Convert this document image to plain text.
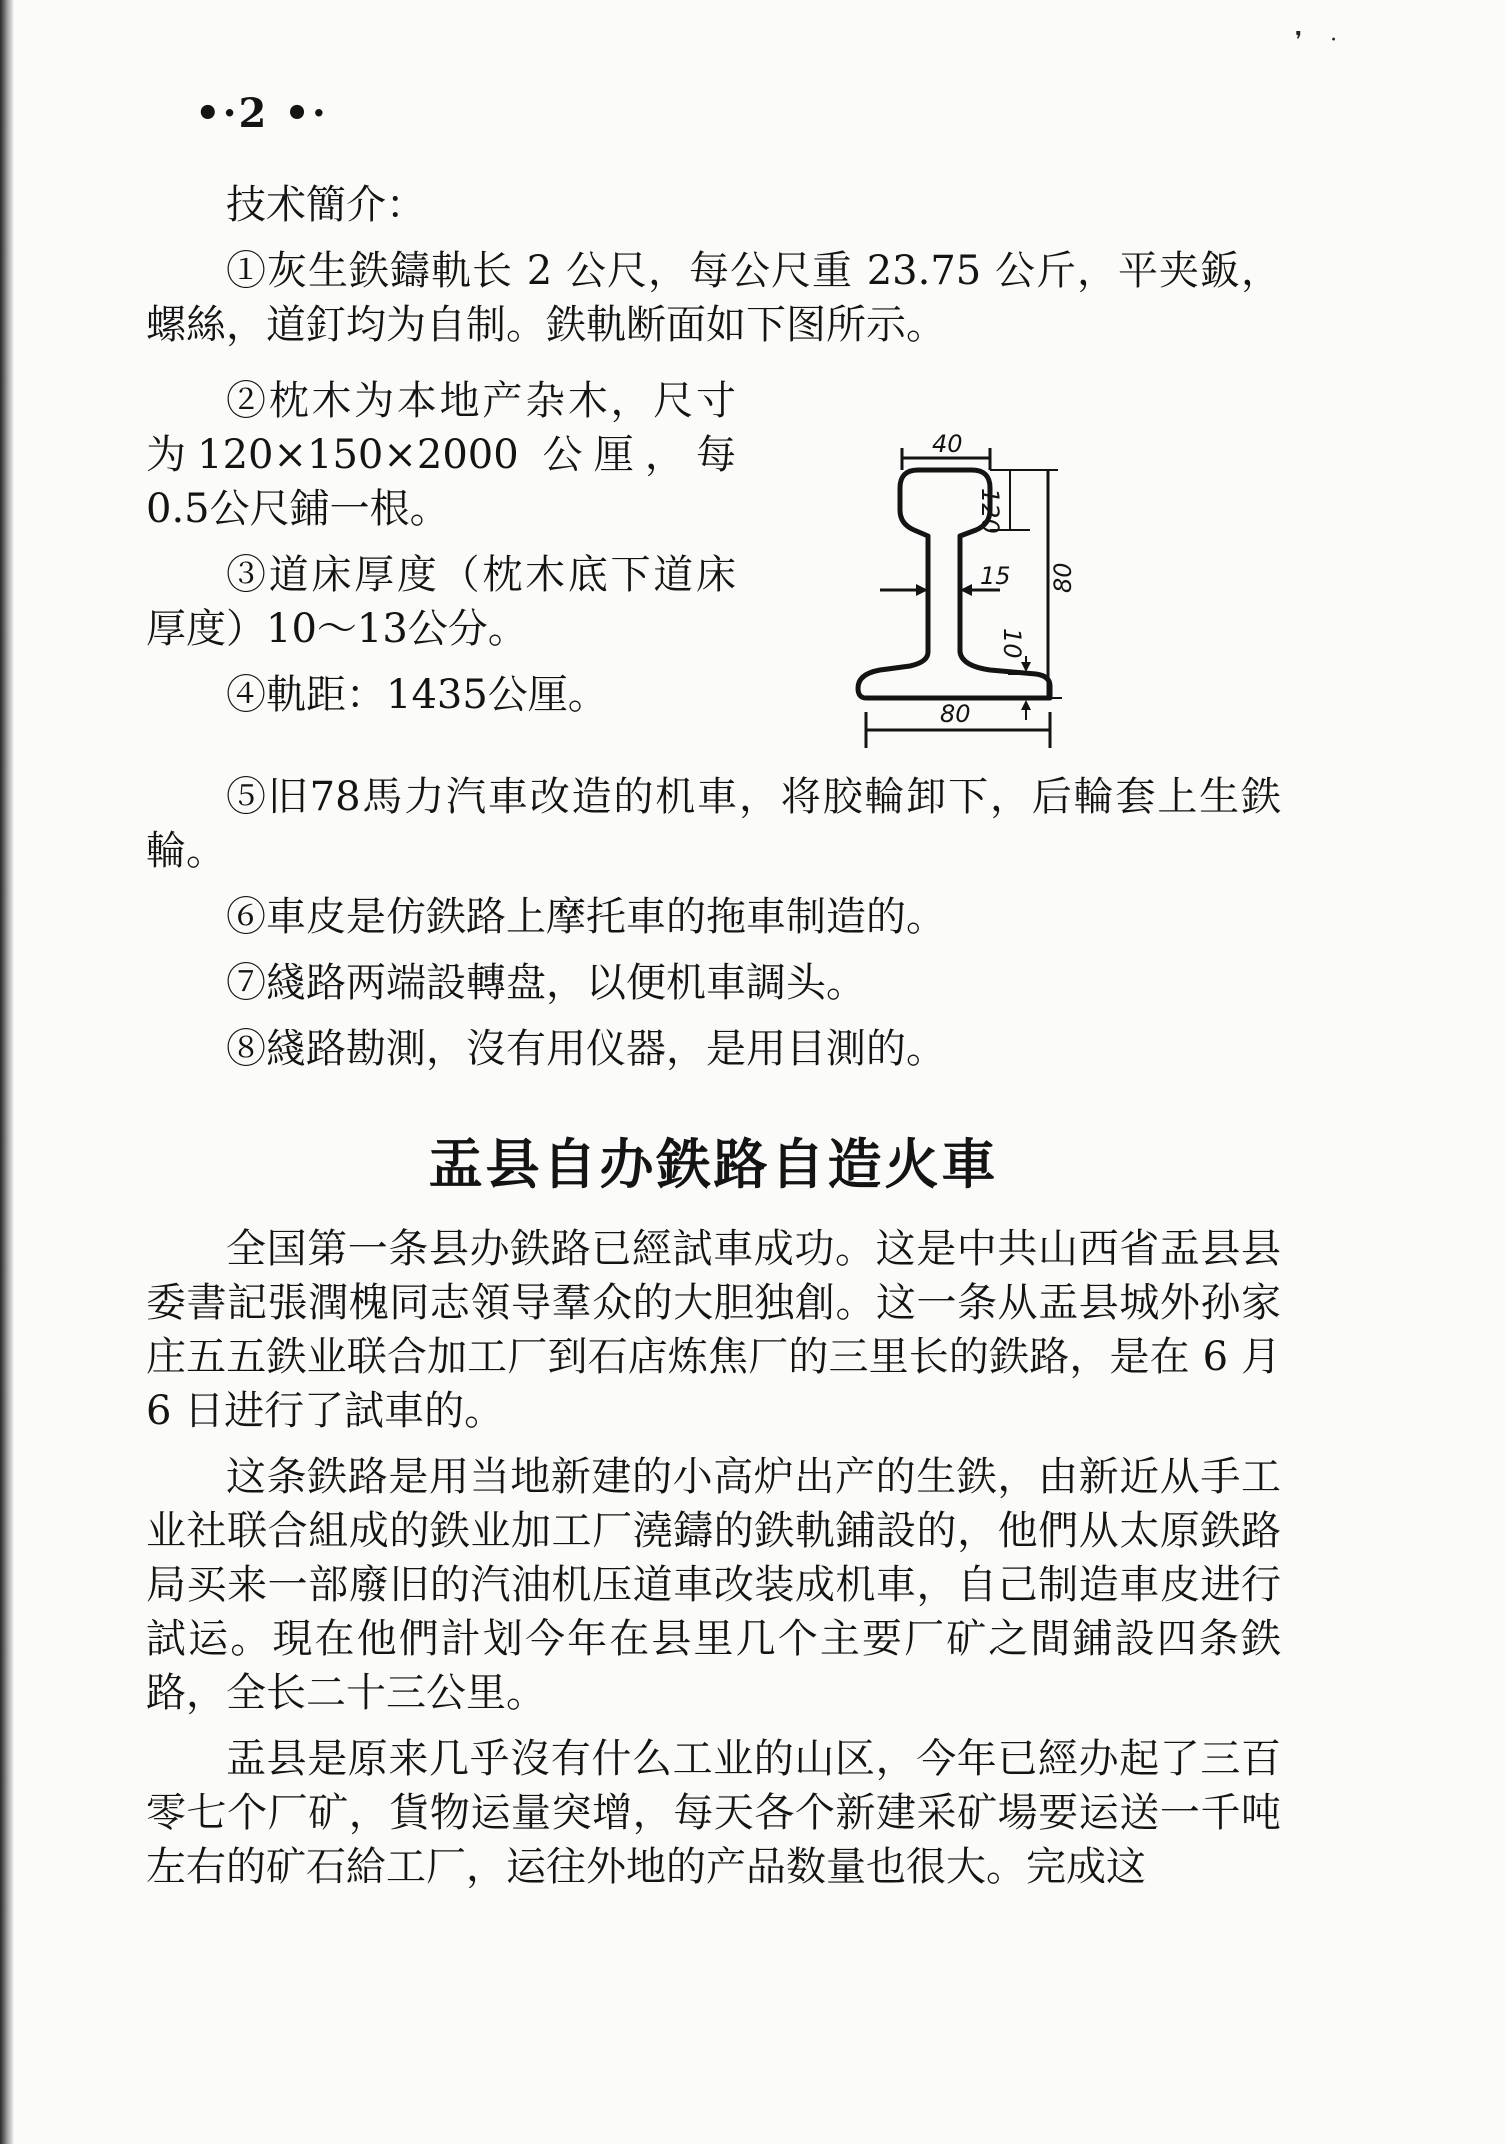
❜    ·
•·2 •·

技术簡介：

①灰生鉄鑄軌长 2 公尺，每公尺重 23.75 公斤，平夹鈑，螺絲，道釘均为自制。鉄軌断面如下图所示。

②枕木为本地产杂木，尺寸为120×150×2000 公厘，每0.5公尺鋪一根。

③道床厚度（枕木底下道床厚度）10～13公分。

④軌距：1435公厘。

⑤旧78馬力汽車改造的机車，将胶輪卸下，后輪套上生鉄輪。

⑥車皮是仿鉄路上摩托車的拖車制造的。

⑦綫路两端設轉盘，以便机車調头。

⑧綫路勘測，沒有用仪器，是用目測的。

40
80
120
15
10
80
盂县自办鉄路自造火車

全国第一条县办鉄路已經試車成功。这是中共山西省盂县县委書記張潤槐同志領导羣众的大胆独創。这一条从盂县城外孙家庄五五鉄业联合加工厂到石店炼焦厂的三里长的鉄路，是在 6 月 6 日进行了試車的。

这条鉄路是用当地新建的小高炉出产的生鉄，由新近从手工业社联合組成的鉄业加工厂澆鑄的鉄軌鋪設的，他們从太原鉄路局买来一部廢旧的汽油机压道車改装成机車，自己制造車皮进行試运。現在他們計划今年在县里几个主要厂矿之間鋪設四条鉄路，全长二十三公里。

盂县是原来几乎沒有什么工业的山区，今年已經办起了三百零七个厂矿，貨物运量突增，每天各个新建采矿場要运送一千吨左右的矿石給工厂，运往外地的产品数量也很大。完成这
